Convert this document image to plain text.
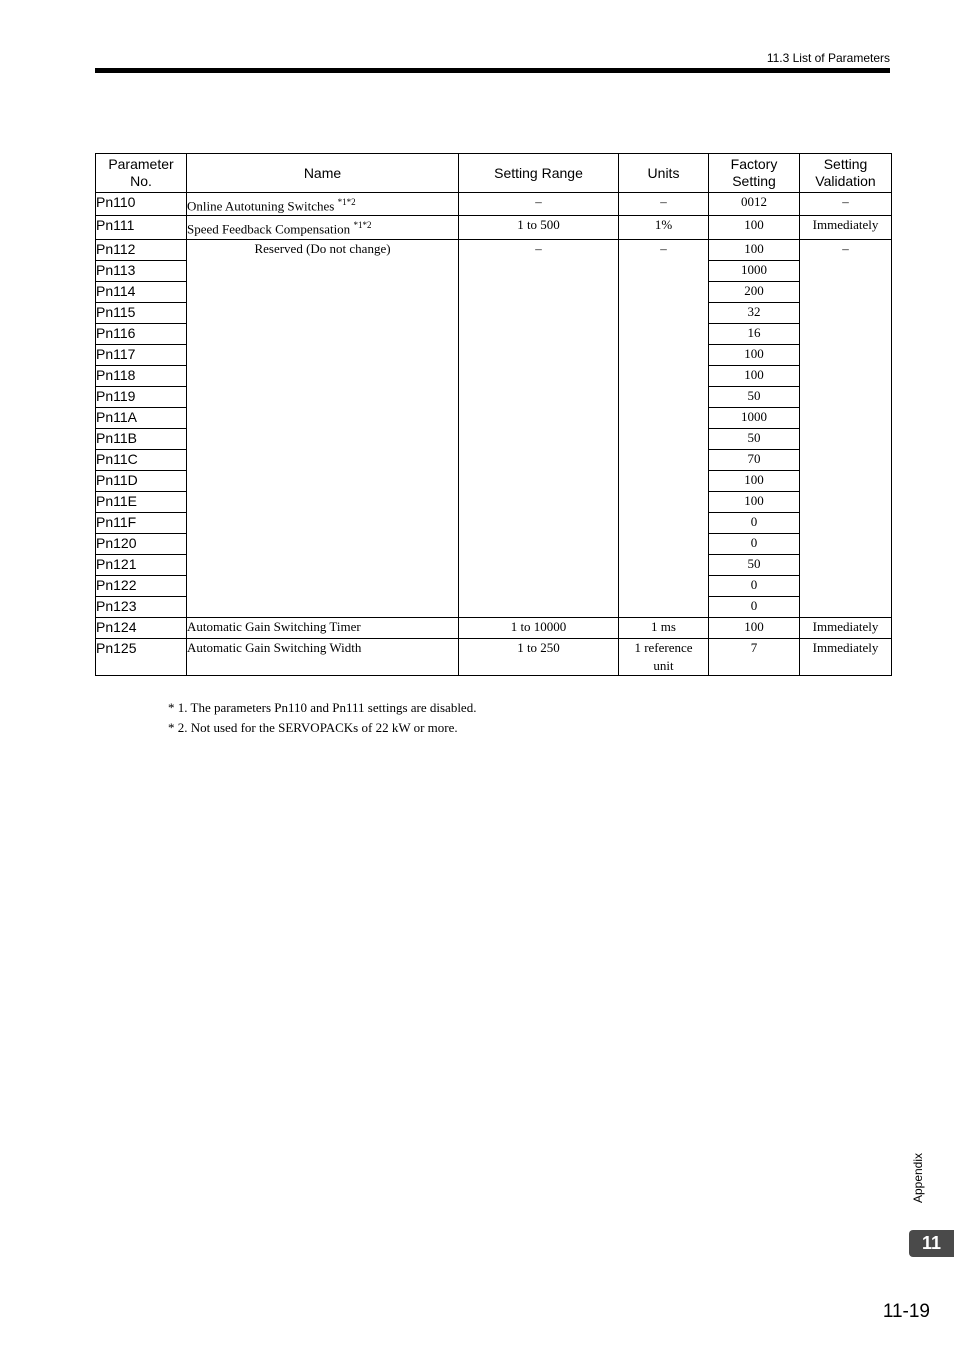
11.3 List of Parameters
Parameter No.	Name	Setting Range	Units	Factory Setting	Setting Validation
Pn110	Online Autotuning Switches $^{*1*2}$	–	–	0012	–
Pn111	Speed Feedback Compensation $^{*1*2}$	1 to 500	1%	100	Immediately
Pn112	Reserved (Do not change)	–	–	100	–
Pn113				1000	
Pn114				200	
Pn115				32	
Pn116				16	
Pn117				100	
Pn118				100	
Pn119				50	
Pn11A				1000	
Pn11B				50	
Pn11C				70	
Pn11D				100	
Pn11E				100	
Pn11F				0	
Pn120				0	
Pn121				50	
Pn122				0	
Pn123				0	
Pn124	Automatic Gain Switching Timer	1 to 10000	1 ms	100	Immediately
Pn125	Automatic Gain Switching Width	1 to 250	1 reference unit	7	Immediately
* 1. The parameters Pn110 and Pn111 settings are disabled.
* 2. Not used for the SERVOPACKs of 22 kW or more.
Appendix
11
11-19
